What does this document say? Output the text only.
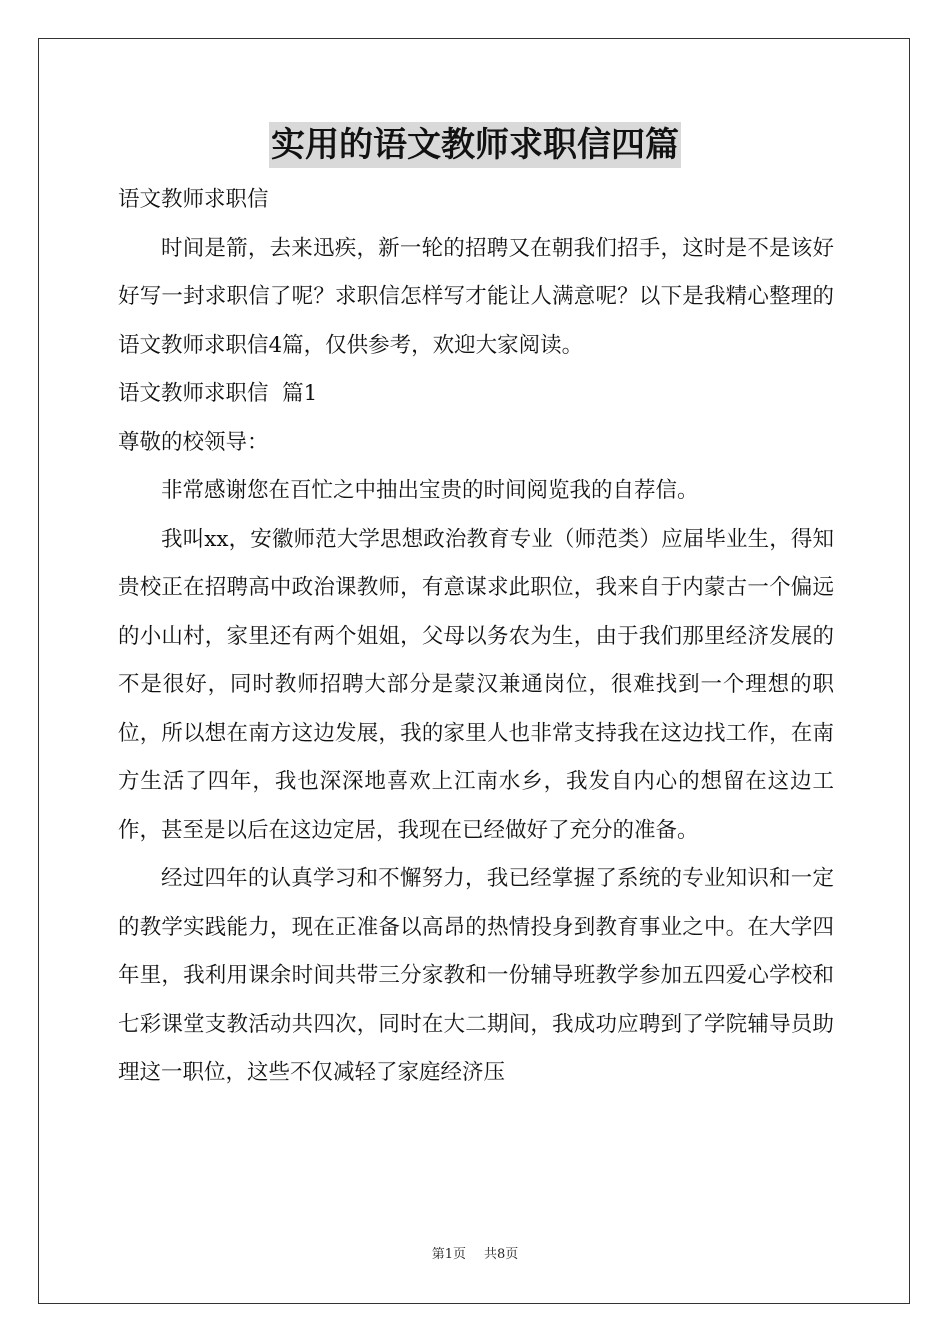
实用的语文教师求职信四篇

语文教师求职信

时间是箭，去来迅疾，新一轮的招聘又在朝我们招手，这时是不是该好好写一封求职信了呢？求职信怎样写才能让人满意呢？以下是我精心整理的语文教师求职信4篇，仅供参考，欢迎大家阅读。

语文教师求职信  篇1

尊敬的校领导：

非常感谢您在百忙之中抽出宝贵的时间阅览我的自荐信。

我叫xx，安徽师范大学思想政治教育专业（师范类）应届毕业生，得知贵校正在招聘高中政治课教师，有意谋求此职位，我来自于内蒙古一个偏远的小山村，家里还有两个姐姐，父母以务农为生，由于我们那里经济发展的不是很好，同时教师招聘大部分是蒙汉兼通岗位，很难找到一个理想的职位，所以想在南方这边发展，我的家里人也非常支持我在这边找工作，在南方生活了四年，我也深深地喜欢上江南水乡，我发自内心的想留在这边工作，甚至是以后在这边定居，我现在已经做好了充分的准备。

经过四年的认真学习和不懈努力，我已经掌握了系统的专业知识和一定的教学实践能力，现在正准备以高昂的热情投身到教育事业之中。在大学四年里，我利用课余时间共带三分家教和一份辅导班教学参加五四爱心学校和七彩课堂支教活动共四次，同时在大二期间，我成功应聘到了学院辅导员助理这一职位，这些不仅减轻了家庭经济压

第1页 共8页
